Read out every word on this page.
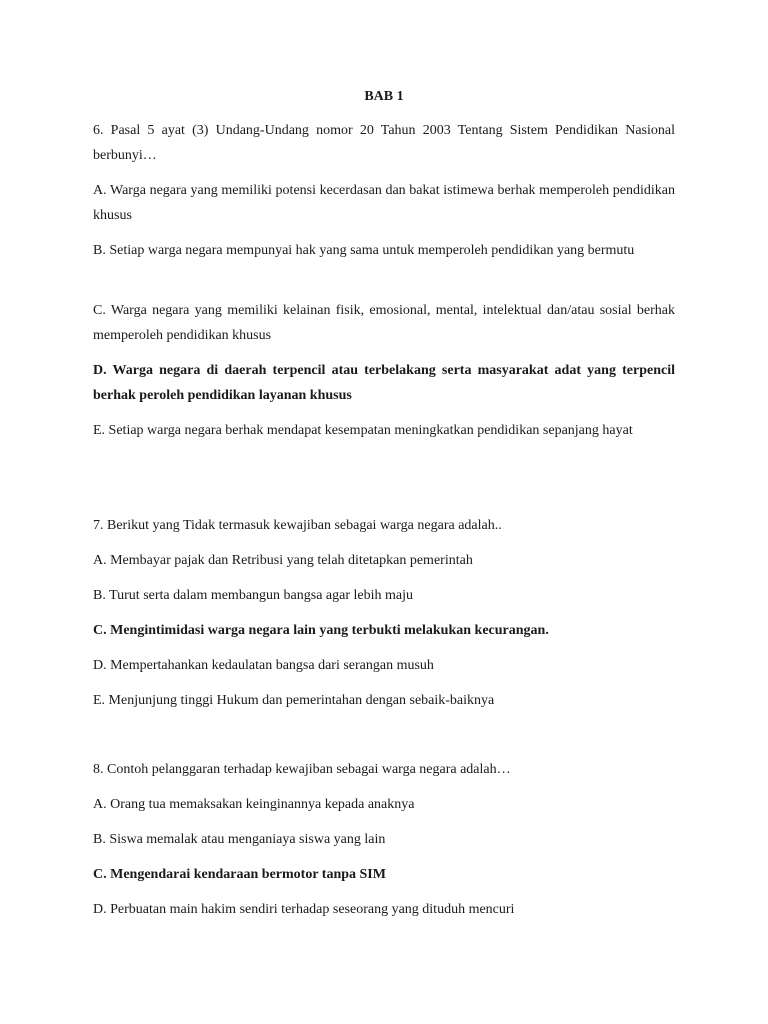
BAB 1

6. Pasal 5 ayat (3) Undang-Undang nomor 20 Tahun 2003 Tentang Sistem Pendidikan Nasional berbunyi…

A. Warga negara yang memiliki potensi kecerdasan dan bakat istimewa berhak memperoleh pendidikan khusus

B. Setiap warga negara mempunyai hak yang sama untuk memperoleh pendidikan yang bermutu

C. Warga negara yang memiliki kelainan fisik, emosional, mental, intelektual dan/atau sosial berhak memperoleh pendidikan khusus

D. Warga negara di daerah terpencil atau terbelakang serta masyarakat adat yang terpencil berhak peroleh pendidikan layanan khusus

E. Setiap warga negara berhak mendapat kesempatan meningkatkan pendidikan sepanjang hayat

7. Berikut yang Tidak termasuk kewajiban sebagai warga negara adalah..

A. Membayar pajak dan Retribusi yang telah ditetapkan pemerintah

B. Turut serta dalam membangun bangsa agar lebih maju

C. Mengintimidasi warga negara lain yang terbukti melakukan kecurangan.

D. Mempertahankan kedaulatan bangsa dari serangan musuh

E. Menjunjung tinggi Hukum dan pemerintahan dengan sebaik-baiknya

8. Contoh pelanggaran terhadap kewajiban sebagai warga negara adalah…

A. Orang tua memaksakan keinginannya kepada anaknya

B. Siswa memalak atau menganiaya siswa yang lain

C. Mengendarai kendaraan bermotor tanpa SIM

D. Perbuatan main hakim sendiri terhadap seseorang yang dituduh mencuri
